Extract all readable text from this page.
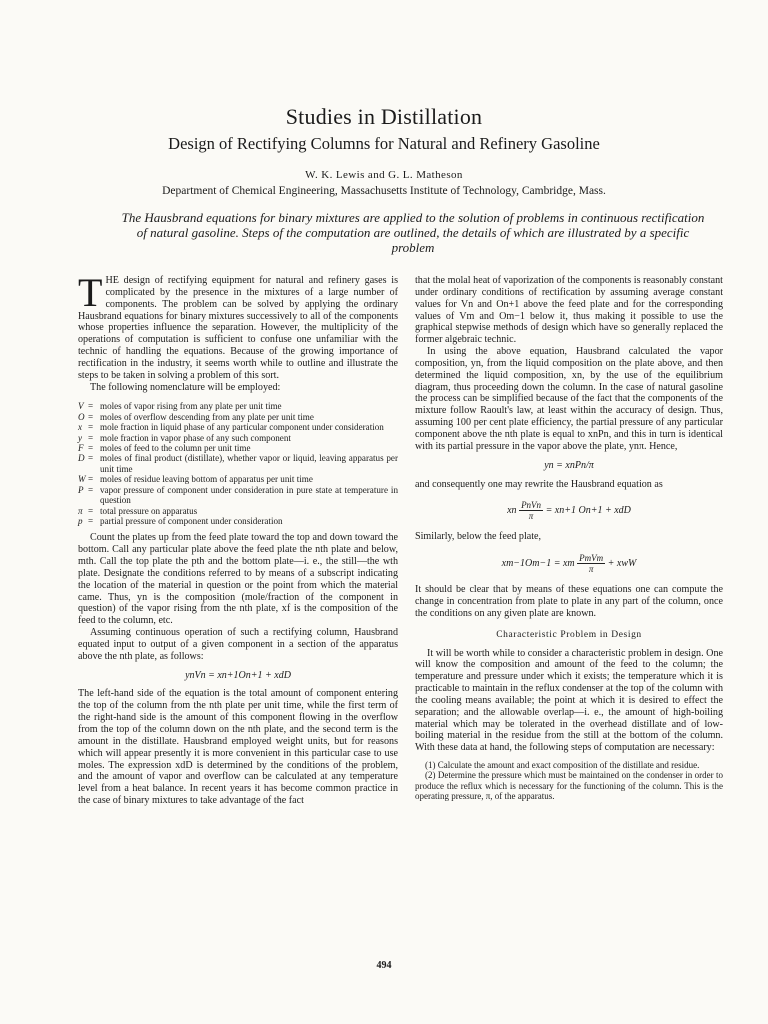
Studies in Distillation
Design of Rectifying Columns for Natural and Refinery Gasoline
W. K. Lewis and G. L. Matheson
Department of Chemical Engineering, Massachusetts Institute of Technology, Cambridge, Mass.
The Hausbrand equations for binary mixtures are applied to the solution of problems in continuous rectification of natural gasoline. Steps of the computation are outlined, the details of which are illustrated by a specific problem

THE design of rectifying equipment for natural and refinery gases is complicated by the presence in the mixtures of a large number of components. The problem can be solved by applying the ordinary Hausbrand equations for binary mixtures successively to all of the components whose properties influence the separation. However, the multiplicity of the operations of computation is sufficient to confuse one unfamiliar with the technic of handling the equations. Because of the growing importance of rectification in the industry, it seems worth while to outline and illustrate the steps to be taken in solving a problem of this sort.

The following nomenclature will be employed:

V = moles of vapor rising from any plate per unit time
O = moles of overflow descending from any plate per unit time
x = mole fraction in liquid phase of any particular component under consideration
y = mole fraction in vapor phase of any such component
F = moles of feed to the column per unit time
D = moles of final product (distillate), whether vapor or liquid, leaving apparatus per unit time
W = moles of residue leaving bottom of apparatus per unit time
P = vapor pressure of component under consideration in pure state at temperature in question
π = total pressure on apparatus
p = partial pressure of component under consideration

Count the plates up from the feed plate toward the top and down toward the bottom. Call any particular plate above the feed plate the nth plate and below, mth. Call the top plate the pth and the bottom plate—i. e., the still—the wth plate. Designate the conditions referred to by means of a subscript indicating the location of the material in question or the point from which the material came. Thus, yn is the composition (mole/fraction of the component in question) of the vapor rising from the nth plate, xf is the composition of the feed to the column, etc.

Assuming continuous operation of such a rectifying column, Hausbrand equated input to output of a given component in a section of the apparatus above the nth plate, as follows:

ynVn = xn+1On+1 + xdD

The left-hand side of the equation is the total amount of component entering the top of the column from the nth plate per unit time, while the first term of the right-hand side is the amount of this component flowing in the overflow from the top of the column down on the nth plate, and the second term is the amount in the distillate. Hausbrand employed weight units, but for reasons which will appear presently it is more convenient in this particular case to use moles. The expression xdD is determined by the conditions of the problem, and the amount of vapor and overflow can be calculated at any temperature level from a heat balance. In recent years it has become common practice in the case of binary mixtures to take advantage of the fact

that the molal heat of vaporization of the components is reasonably constant under ordinary conditions of rectification by assuming average constant values for Vn and On+1 above the feed plate and for the corresponding values of Vm and Om−1 below it, thus making it possible to use the graphical stepwise methods of design which have so generally replaced the former algebraic technic.

In using the above equation, Hausbrand calculated the vapor composition, yn, from the liquid composition on the plate above, and then determined the liquid composition, xn, by the use of the equilibrium diagram, thus proceeding down the column. In the case of natural gasoline the process can be simplified because of the fact that the components of the mixture follow Raoult's law, at least within the accuracy of design. Thus, assuming 100 per cent plate efficiency, the partial pressure of any particular component above the nth plate is equal to xnPn, and this in turn is identical with its partial pressure in the vapor above the plate, ynπ. Hence,

yn = xnPn/π

and consequently one may rewrite the Hausbrand equation as

xn $\frac{\text{PnVn}}{\pi} = xn+1$ On+1 + xdD

Similarly, below the feed plate,

xm−1Om−1 = xm $\frac{\text{PmVm}}{\pi}$ + xwW

It should be clear that by means of these equations one can compute the change in concentration from plate to plate in any part of the column, once the conditions on any given plate are known.

Characteristic Problem in Design

It will be worth while to consider a characteristic problem in design. One will know the composition and amount of the feed to the column; the temperature and pressure under which it exists; the temperature which it is practicable to maintain in the reflux condenser at the top of the column with the cooling means available; the point at which it is desired to effect the separation; and the allowable overlap—i. e., the amount of high-boiling material which may be tolerated in the overhead distillate and of low-boiling material in the residue from the still at the bottom of the column. With these data at hand, the following steps of computation are necessary:

(1) Calculate the amount and exact composition of the distillate and residue.

(2) Determine the pressure which must be maintained on the condenser in order to produce the reflux which is necessary for the functioning of the column. This is the operating pressure, π, of the apparatus.

494
